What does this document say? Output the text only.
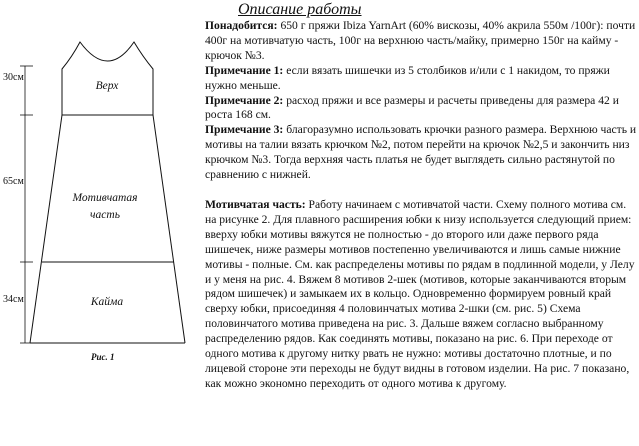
30см
65см
34см
Верх
Мотивчатая
часть
Кайма
Рис. 1
Описание работы

Понадобится: 650 г пряжи Ibiza YarnArt (60% вискозы, 40% акрила 550м /100г): почти 400г на мотивчатую часть, 100г на верхнюю часть/майку, примерно 150г на кайму - крючок №3.

Примечание 1: если вязать шишечки из 5 столбиков и/или с 1 накидом, то пряжи нужно меньше.

Примечание 2: расход пряжи и все размеры и расчеты приведены для размера 42 и роста 168 см.

Примечание 3: благоразумно использовать крючки разного размера. Верхнюю часть и мотивы на талии вязать крючком №2, потом перейти на крючок №2,5 и закончить низ крючком №3. Тогда верхняя часть платья не будет выглядеть сильно растянутой по сравнению с нижней.

Мотивчатая часть: Работу начинаем с мотивчатой части. Схему полного мотива см. на рисунке 2. Для плавного расширения юбки к низу используется следующий прием: вверху юбки мотивы вяжутся не полностью - до второго или даже первого ряда шишечек, ниже размеры мотивов постепенно увеличиваются и лишь самые нижние мотивы - полные. См. как распределены мотивы по рядам в подлинной модели, у Лелу и у меня на рис. 4. Вяжем 8 мотивов 2-шек (мотивов, которые заканчиваются вторым рядом шишечек) и замыкаем их в кольцо. Одновременно формируем ровный край сверху юбки, присоединяя 4 половинчатых мотива 2-шки (см. рис. 5) Схема половинчатого мотива приведена на рис. 3. Дальше вяжем согласно выбранному распределению рядов. Как соединять мотивы, показано на рис. 6. При переходе от одного мотива к другому нитку рвать не нужно: мотивы достаточно плотные, и по лицевой стороне эти переходы не будут видны в готовом изделии. На рис. 7 показано, как можно экономно переходить от одного мотива к другому.
